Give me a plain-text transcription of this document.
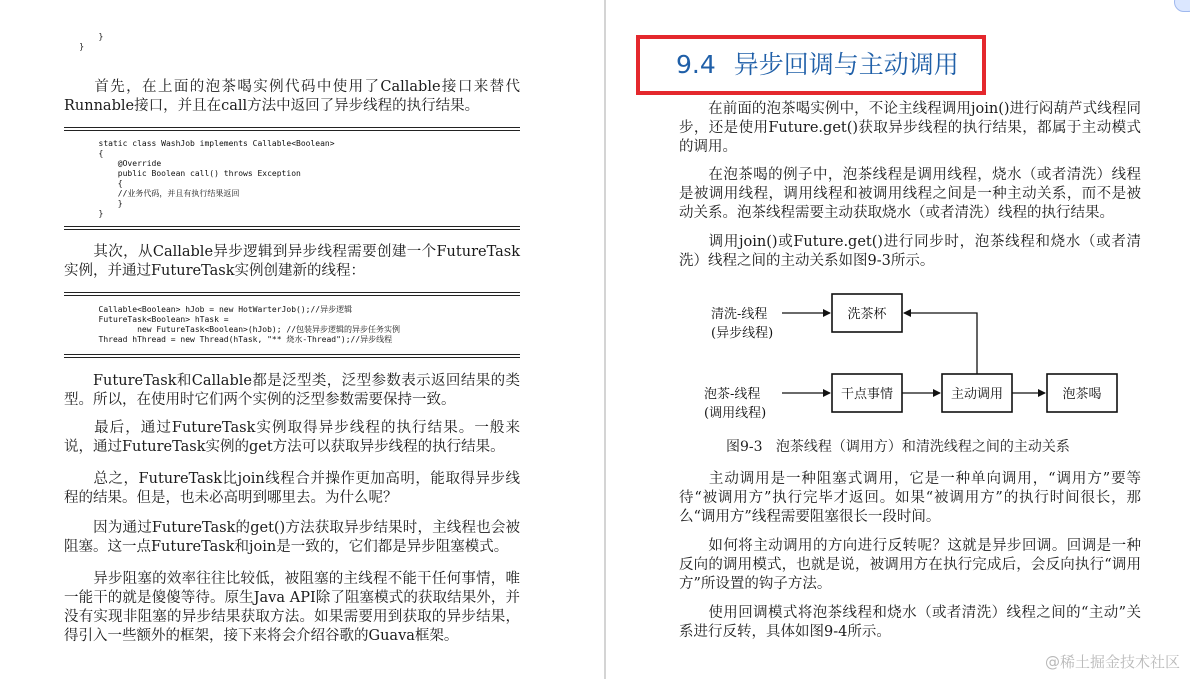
}
}

首先，在上面的泡茶喝实例代码中使用了Callable接口来替代Runnable接口，并且在call方法中返回了异步线程的执行结果。

static class WashJob implements Callable<Boolean>
{
@Override
public Boolean call() throws Exception
{
//业务代码，并且有执行结果返回
}
}

其次，从Callable异步逻辑到异步线程需要创建一个FutureTask实例，并通过FutureTask实例创建新的线程：

Callable<Boolean> hJob = new HotWarterJob();//异步逻辑
FutureTask<Boolean> hTask =
new FutureTask<Boolean>(hJob); //包装异步逻辑的异步任务实例
Thread hThread = new Thread(hTask, "** 烧水-Thread");//异步线程

FutureTask和Callable都是泛型类，泛型参数表示返回结果的类型。所以，在使用时它们两个实例的泛型参数需要保持一致。

最后，通过FutureTask实例取得异步线程的执行结果。一般来说，通过FutureTask实例的get方法可以获取异步线程的执行结果。

总之，FutureTask比join线程合并操作更加高明，能取得异步线程的结果。但是，也未必高明到哪里去。为什么呢？

因为通过FutureTask的get()方法获取异步结果时，主线程也会被阻塞。这一点FutureTask和join是一致的，它们都是异步阻塞模式。

异步阻塞的效率往往比较低，被阻塞的主线程不能干任何事情，唯一能干的就是傻傻等待。原生Java API除了阻塞模式的获取结果外，并没有实现非阻塞的异步结果获取方法。如果需要用到获取的异步结果，得引入一些额外的框架，接下来将会介绍谷歌的Guava框架。

9.4 异步回调与主动调用

在前面的泡茶喝实例中，不论主线程调用join()进行闷葫芦式线程同步，还是使用Future.get()获取异步线程的执行结果，都属于主动模式的调用。

在泡茶喝的例子中，泡茶线程是调用线程，烧水（或者清洗）线程是被调用线程，调用线程和被调用线程之间是一种主动关系，而不是被动关系。泡茶线程需要主动获取烧水（或者清洗）线程的执行结果。

调用join()或Future.get()进行同步时，泡茶线程和烧水（或者清洗）线程之间的主动关系如图9-3所示。

清洗-线程
(异步线程)
泡茶-线程
(调用线程)
洗茶杯
干点事情	主动调用	泡茶喝
图9-3   泡茶线程（调用方）和清洗线程之间的主动关系

主动调用是一种阻塞式调用，它是一种单向调用，“调用方”要等待“被调用方”执行完毕才返回。如果“被调用方”的执行时间很长，那么“调用方”线程需要阻塞很长一段时间。

如何将主动调用的方向进行反转呢？这就是异步回调。回调是一种反向的调用模式，也就是说，被调用方在执行完成后，会反向执行“调用方”所设置的钩子方法。

使用回调模式将泡茶线程和烧水（或者清洗）线程之间的“主动”关系进行反转，具体如图9-4所示。

@稀土掘金技术社区
